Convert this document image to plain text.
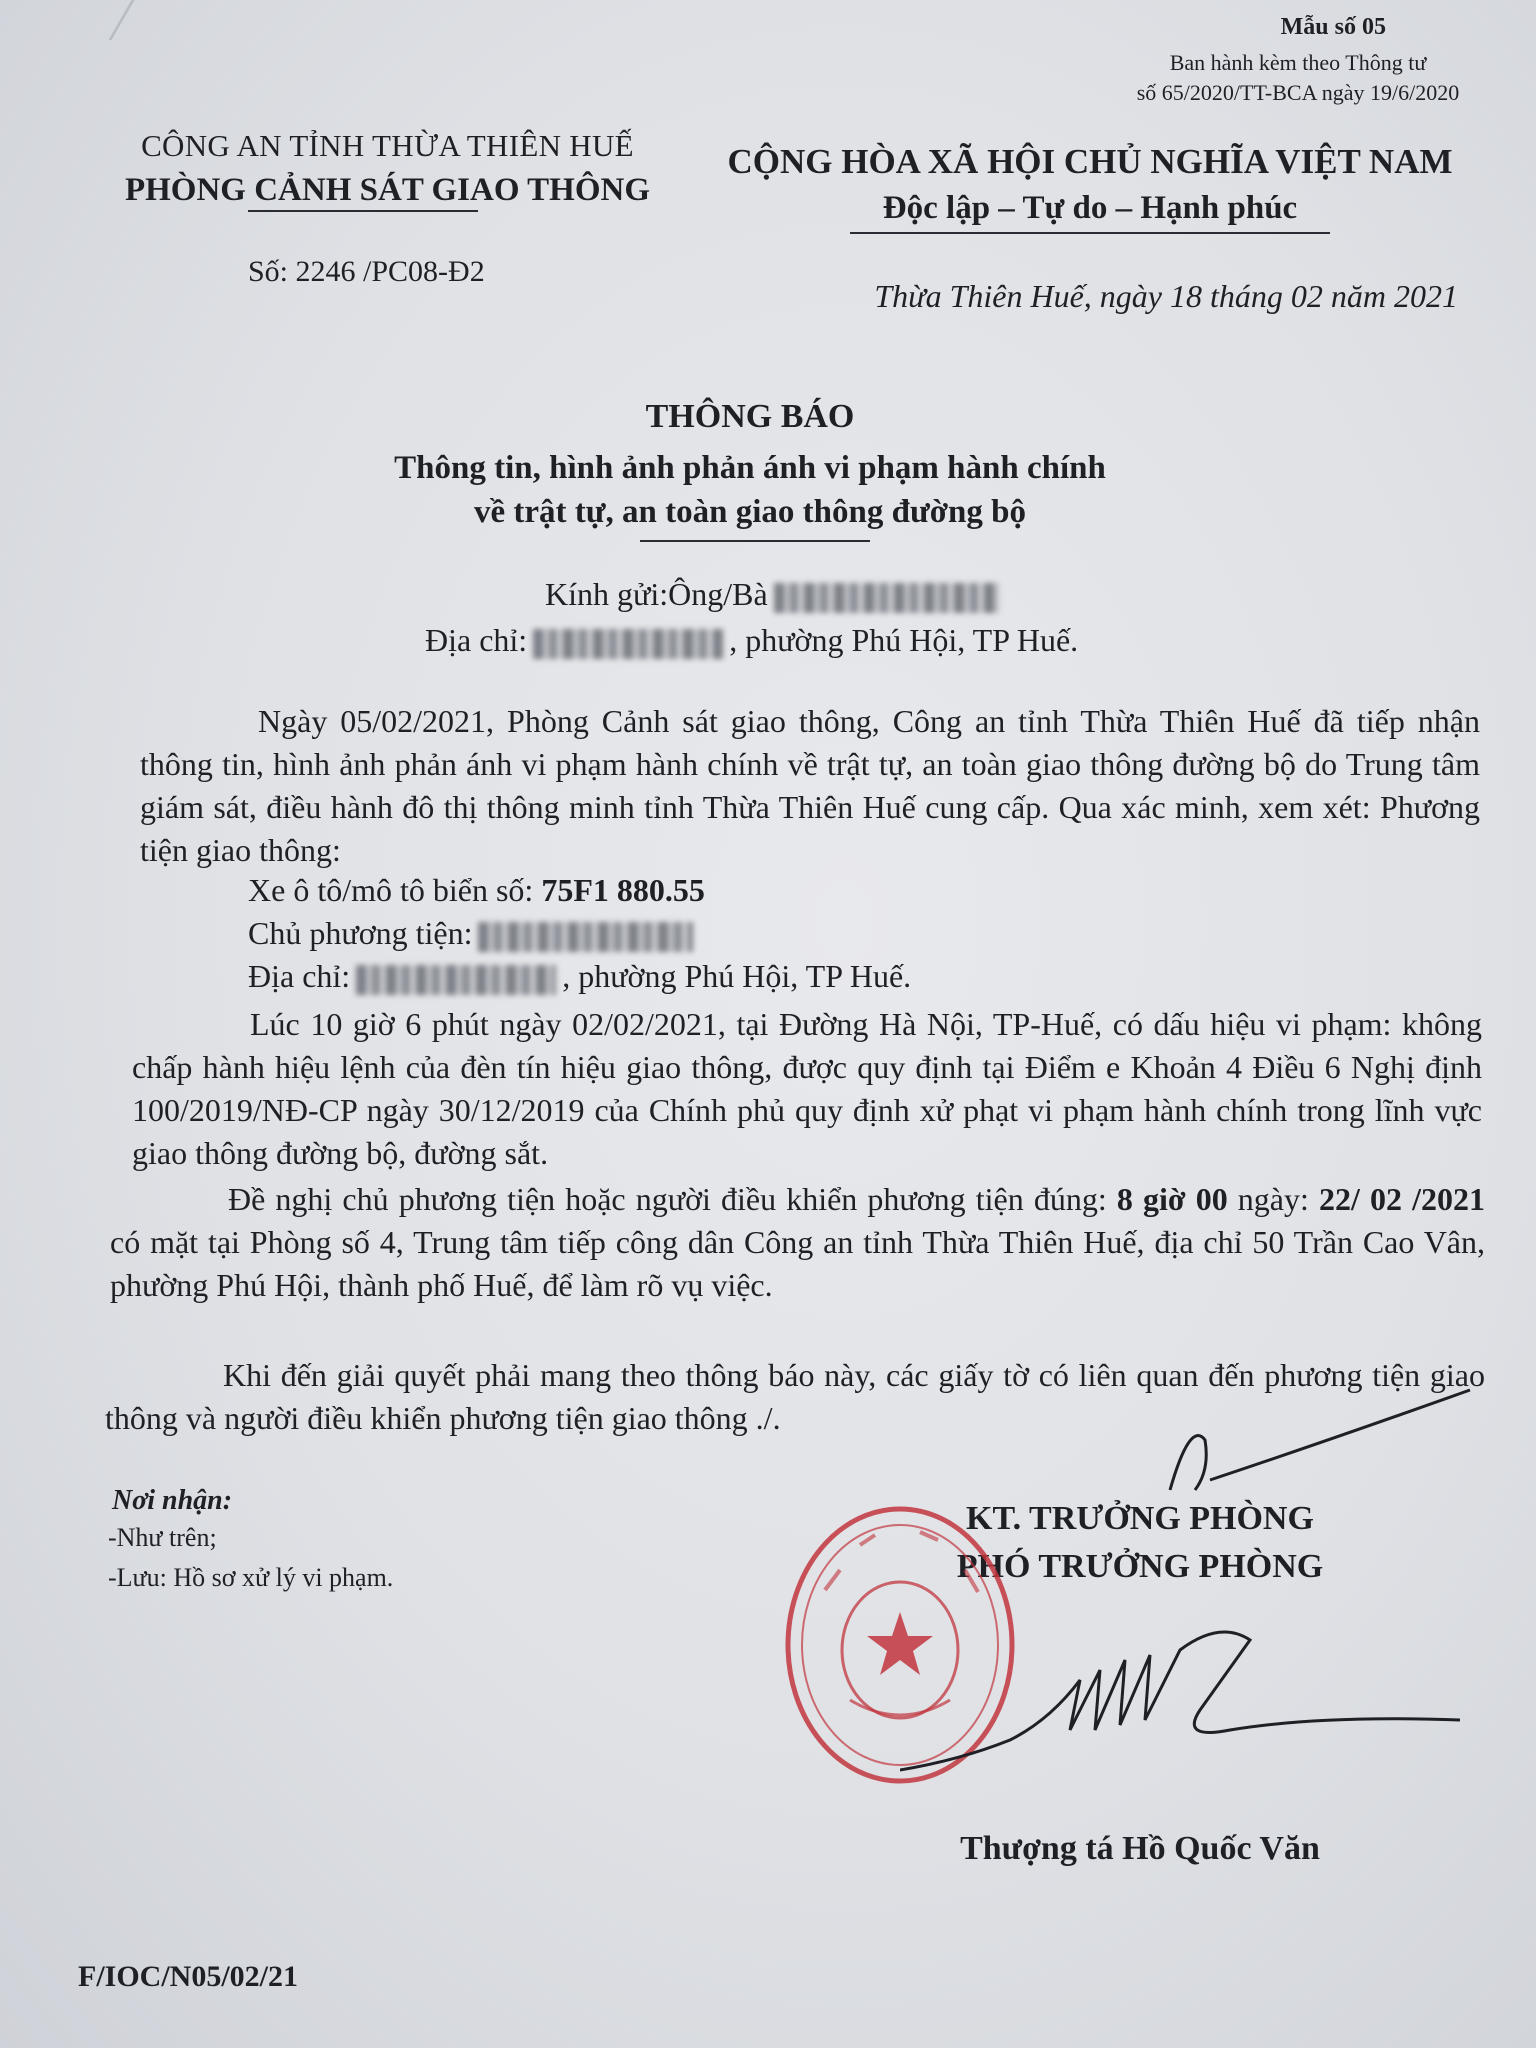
Mẫu số 05
Ban hành kèm theo Thông tư
số 65/2020/TT-BCA ngày 19/6/2020
CÔNG AN TỈNH THỪA THIÊN HUẾ
PHÒNG CẢNH SÁT GIAO THÔNG
CỘNG HÒA XÃ HỘI CHỦ NGHĨA VIỆT NAM
Độc lập – Tự do – Hạnh phúc
Số: 2246 /PC08-Đ2
Thừa Thiên Huế, ngày 18 tháng 02 năm 2021
THÔNG BÁO
Thông tin, hình ảnh phản ánh vi phạm hành chính
về trật tự, an toàn giao thông đường bộ
Kính gửi:Ông/Bà
Địa chỉ:	, phường Phú Hội, TP Huế.
Ngày 05/02/2021, Phòng Cảnh sát giao thông, Công an tỉnh Thừa Thiên Huế đã tiếp nhận thông tin, hình ảnh phản ánh vi phạm hành chính về trật tự, an toàn giao thông đường bộ do Trung tâm giám sát, điều hành đô thị thông minh tỉnh Thừa Thiên Huế cung cấp. Qua xác minh, xem xét: Phương tiện giao thông:
Xe ô tô/mô tô biển số: 75F1 880.55
Chủ phương tiện:
Địa chỉ:	, phường Phú Hội, TP Huế.
Lúc 10 giờ 6 phút ngày 02/02/2021, tại Đường Hà Nội, TP-Huế, có dấu hiệu vi phạm: không chấp hành hiệu lệnh của đèn tín hiệu giao thông, được quy định tại Điểm e Khoản 4 Điều 6 Nghị định 100/2019/NĐ-CP ngày 30/12/2019 của Chính phủ quy định xử phạt vi phạm hành chính trong lĩnh vực giao thông đường bộ, đường sắt.
Đề nghị chủ phương tiện hoặc người điều khiển phương tiện đúng: 8 giờ 00 ngày: 22/ 02 /2021 có mặt tại Phòng số 4, Trung tâm tiếp công dân Công an tỉnh Thừa Thiên Huế, địa chỉ 50 Trần Cao Vân, phường Phú Hội, thành phố Huế, để làm rõ vụ việc.
Khi đến giải quyết phải mang theo thông báo này, các giấy tờ có liên quan đến phương tiện giao thông và người điều khiển phương tiện giao thông ./.
Nơi nhận:
-Như trên;
-Lưu: Hồ sơ xử lý vi phạm.
KT. TRƯỞNG PHÒNG
PHÓ TRƯỞNG PHÒNG
Thượng tá Hồ Quốc Văn
F/IOC/N05/02/21
